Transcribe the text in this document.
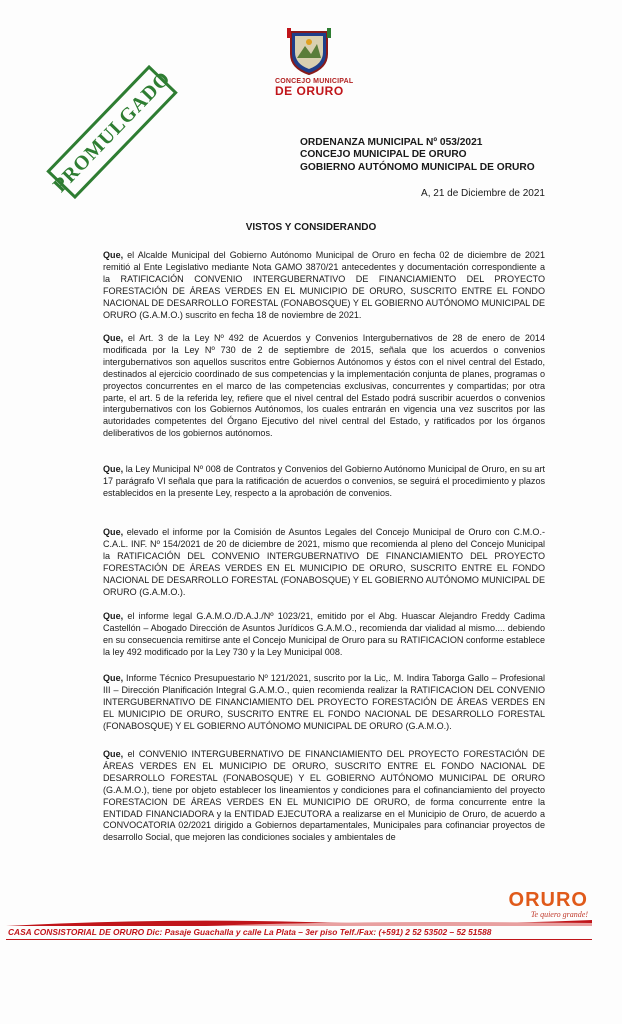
CONCEJO MUNICIPAL
DE ORURO
PROMULGADO	ORDENANZA MUNICIPAL Nº 053/2021
CONCEJO MUNICIPAL DE ORURO
GOBIERNO AUTÓNOMO MUNICIPAL DE ORURO
A, 21 de Diciembre de 2021
VISTOS Y CONSIDERANDO

Que, el Alcalde Municipal del Gobierno Autónomo Municipal de Oruro en fecha 02 de diciembre de 2021 remitió al Ente Legislativo mediante Nota GAMO 3870/21 antecedentes y documentación correspondiente a la RATIFICACIÓN CONVENIO INTERGUBERNATIVO DE FINANCIAMIENTO DEL PROYECTO FORESTACIÓN DE ÁREAS VERDES EN EL MUNICIPIO DE ORURO, SUSCRITO ENTRE EL FONDO NACIONAL DE DESARROLLO FORESTAL (FONABOSQUE) Y EL GOBIERNO AUTÓNOMO MUNICIPAL DE ORURO (G.A.M.O.) suscrito en fecha 18 de noviembre de 2021.

Que, el Art. 3 de la Ley Nº 492 de Acuerdos y Convenios Intergubernativos de 28 de enero de 2014 modificada por la Ley Nº 730 de 2 de septiembre de 2015, señala que los acuerdos o convenios intergubernativos son aquellos suscritos entre Gobiernos Autónomos y éstos con el nivel central del Estado, destinados al ejercicio coordinado de sus competencias y la implementación conjunta de planes, programas o proyectos concurrentes en el marco de las competencias exclusivas, concurrentes y compartidas; por otra parte, el art. 5 de la referida ley, refiere que el nivel central del Estado podrá suscribir acuerdos o convenios intergubernativos con los Gobiernos Autónomos, los cuales entrarán en vigencia una vez suscritos por las autoridades competentes del Órgano Ejecutivo del nivel central del Estado, y ratificados por los órganos deliberativos de los gobiernos autónomos.

Que, la Ley Municipal Nº 008 de Contratos y Convenios del Gobierno Autónomo Municipal de Oruro, en su art 17 parágrafo VI señala que para la ratificación de acuerdos o convenios, se seguirá el procedimiento y plazos establecidos en la presente Ley, respecto a la aprobación de convenios.

Que, elevado el informe por la Comisión de Asuntos Legales del Concejo Municipal de Oruro con C.M.O.- C.A.L. INF. Nº 154/2021 de 20 de diciembre de 2021, mismo que recomienda al pleno del Concejo Municipal la RATIFICACIÓN DEL CONVENIO INTERGUBERNATIVO DE FINANCIAMIENTO DEL PROYECTO FORESTACIÓN DE ÁREAS VERDES EN EL MUNICIPIO DE ORURO, SUSCRITO ENTRE EL FONDO NACIONAL DE DESARROLLO FORESTAL (FONABOSQUE) Y EL GOBIERNO AUTÓNOMO MUNICIPAL DE ORURO (G.A.M.O.).

Que, el informe legal G.A.M.O./D.A.J./Nº 1023/21, emitido por el Abg. Huascar Alejandro Freddy Cadima Castellón – Abogado Dirección de Asuntos Jurídicos G.A.M.O., recomienda dar vialidad al mismo.... debiendo en su consecuencia remitirse ante el Concejo Municipal de Oruro para su RATIFICACION conforme establece la ley 492 modificado por la Ley 730 y la Ley Municipal 008.

Que, Informe Técnico Presupuestario Nº 121/2021, suscrito por la Lic,. M. Indira Taborga Gallo – Profesional III – Dirección Planificación Integral G.A.M.O., quien recomienda realizar la RATIFICACION DEL CONVENIO INTERGUBERNATIVO DE FINANCIAMIENTO DEL PROYECTO FORESTACIÓN DE ÁREAS VERDES EN EL MUNICIPIO DE ORURO, SUSCRITO ENTRE EL FONDO NACIONAL DE DESARROLLO FORESTAL (FONABOSQUE) Y EL GOBIERNO AUTÓNOMO MUNICIPAL DE ORURO (G.A.M.O.).

Que, el CONVENIO INTERGUBERNATIVO DE FINANCIAMIENTO DEL PROYECTO FORESTACIÓN DE ÁREAS VERDES EN EL MUNICIPIO DE ORURO, SUSCRITO ENTRE EL FONDO NACIONAL DE DESARROLLO FORESTAL (FONABOSQUE) Y EL GOBIERNO AUTÓNOMO MUNICIPAL DE ORURO (G.A.M.O.), tiene por objeto establecer los lineamientos y condiciones para el cofinanciamiento del proyecto FORESTACION DE ÁREAS VERDES EN EL MUNICIPIO DE ORURO, de forma concurrente entre la ENTIDAD FINANCIADORA y la ENTIDAD EJECUTORA a realizarse en el Municipio de Oruro, de acuerdo a CONVOCATORIA 02/2021 dirigido a Gobiernos departamentales, Municipales para cofinanciar proyectos de desarrollo Social, que mejoren las condiciones sociales y ambientales de

ORURO
Te quiero grande!
CASA CONSISTORIAL DE ORURO Dic: Pasaje Guachalla y calle La Plata – 3er piso Telf./Fax: (+591) 2 52 53502 – 52 51588
